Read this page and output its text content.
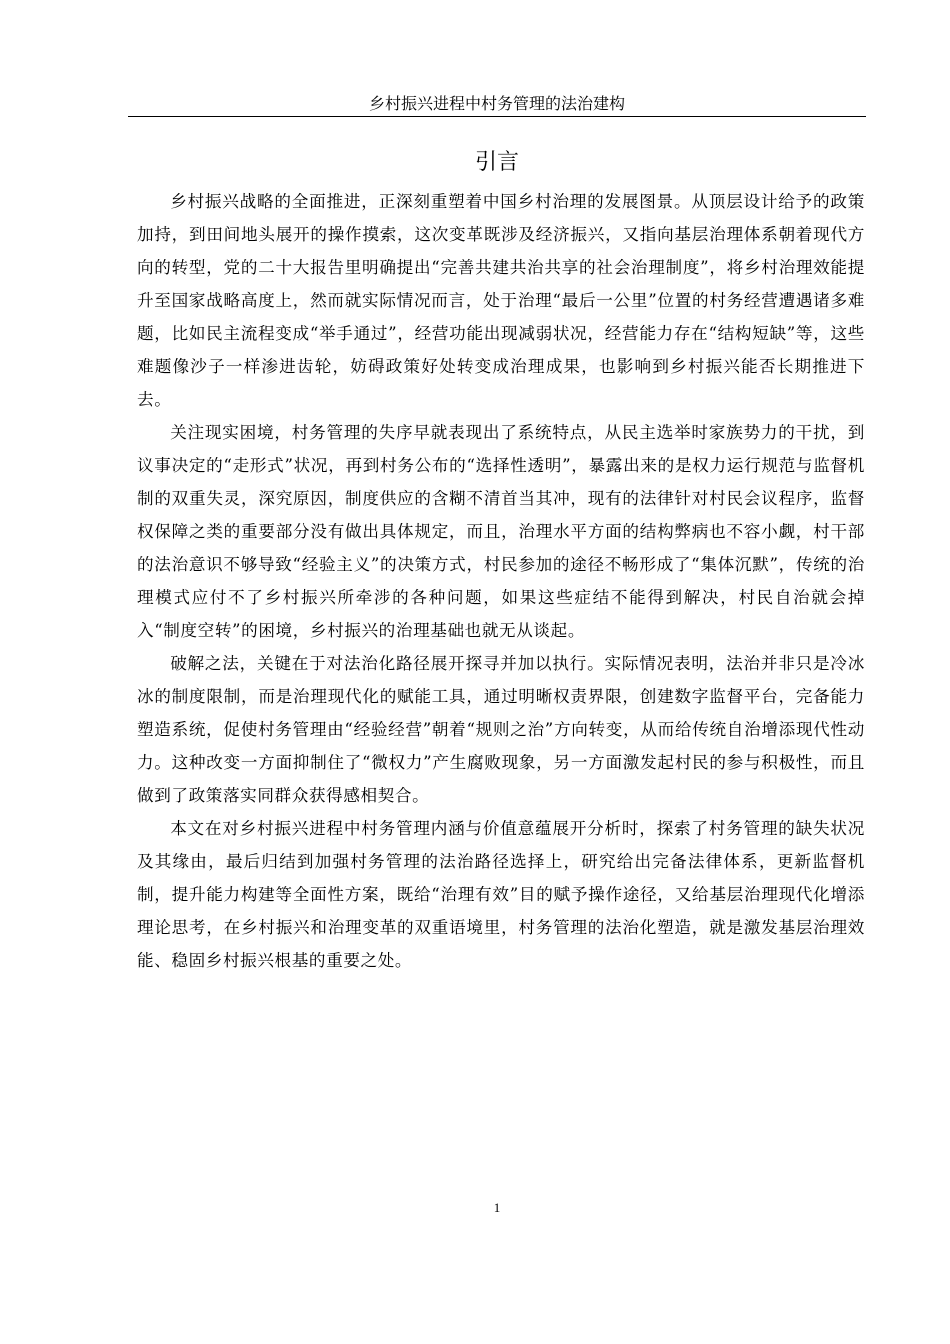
乡村振兴进程中村务管理的法治建构
引言

乡村振兴战略的全面推进，正深刻重塑着中国乡村治理的发展图景。从顶层设计给予的政策加持，到田间地头展开的操作摸索，这次变革既涉及经济振兴，又指向基层治理体系朝着现代方向的转型，党的二十大报告里明确提出“完善共建共治共享的社会治理制度”，将乡村治理效能提升至国家战略高度上，然而就实际情况而言，处于治理“最后一公里”位置的村务经营遭遇诸多难题，比如民主流程变成“举手通过”，经营功能出现减弱状况，经营能力存在“结构短缺”等，这些难题像沙子一样渗进齿轮，妨碍政策好处转变成治理成果，也影响到乡村振兴能否长期推进下去。

关注现实困境，村务管理的失序早就表现出了系统特点，从民主选举时家族势力的干扰，到议事决定的“走形式”状况，再到村务公布的“选择性透明”，暴露出来的是权力运行规范与监督机制的双重失灵，深究原因，制度供应的含糊不清首当其冲，现有的法律针对村民会议程序，监督权保障之类的重要部分没有做出具体规定，而且，治理水平方面的结构弊病也不容小觑，村干部的法治意识不够导致“经验主义”的决策方式，村民参加的途径不畅形成了“集体沉默”，传统的治理模式应付不了乡村振兴所牵涉的各种问题，如果这些症结不能得到解决，村民自治就会掉入“制度空转”的困境，乡村振兴的治理基础也就无从谈起。

破解之法，关键在于对法治化路径展开探寻并加以执行。实际情况表明，法治并非只是冷冰冰的制度限制，而是治理现代化的赋能工具，通过明晰权责界限，创建数字监督平台，完备能力塑造系统，促使村务管理由“经验经营”朝着“规则之治”方向转变，从而给传统自治增添现代性动力。这种改变一方面抑制住了“微权力”产生腐败现象，另一方面激发起村民的参与积极性，而且做到了政策落实同群众获得感相契合。

本文在对乡村振兴进程中村务管理内涵与价值意蕴展开分析时，探索了村务管理的缺失状况及其缘由，最后归结到加强村务管理的法治路径选择上，研究给出完备法律体系，更新监督机制，提升能力构建等全面性方案，既给“治理有效”目的赋予操作途径，又给基层治理现代化增添理论思考，在乡村振兴和治理变革的双重语境里，村务管理的法治化塑造，就是激发基层治理效能、稳固乡村振兴根基的重要之处。

1
